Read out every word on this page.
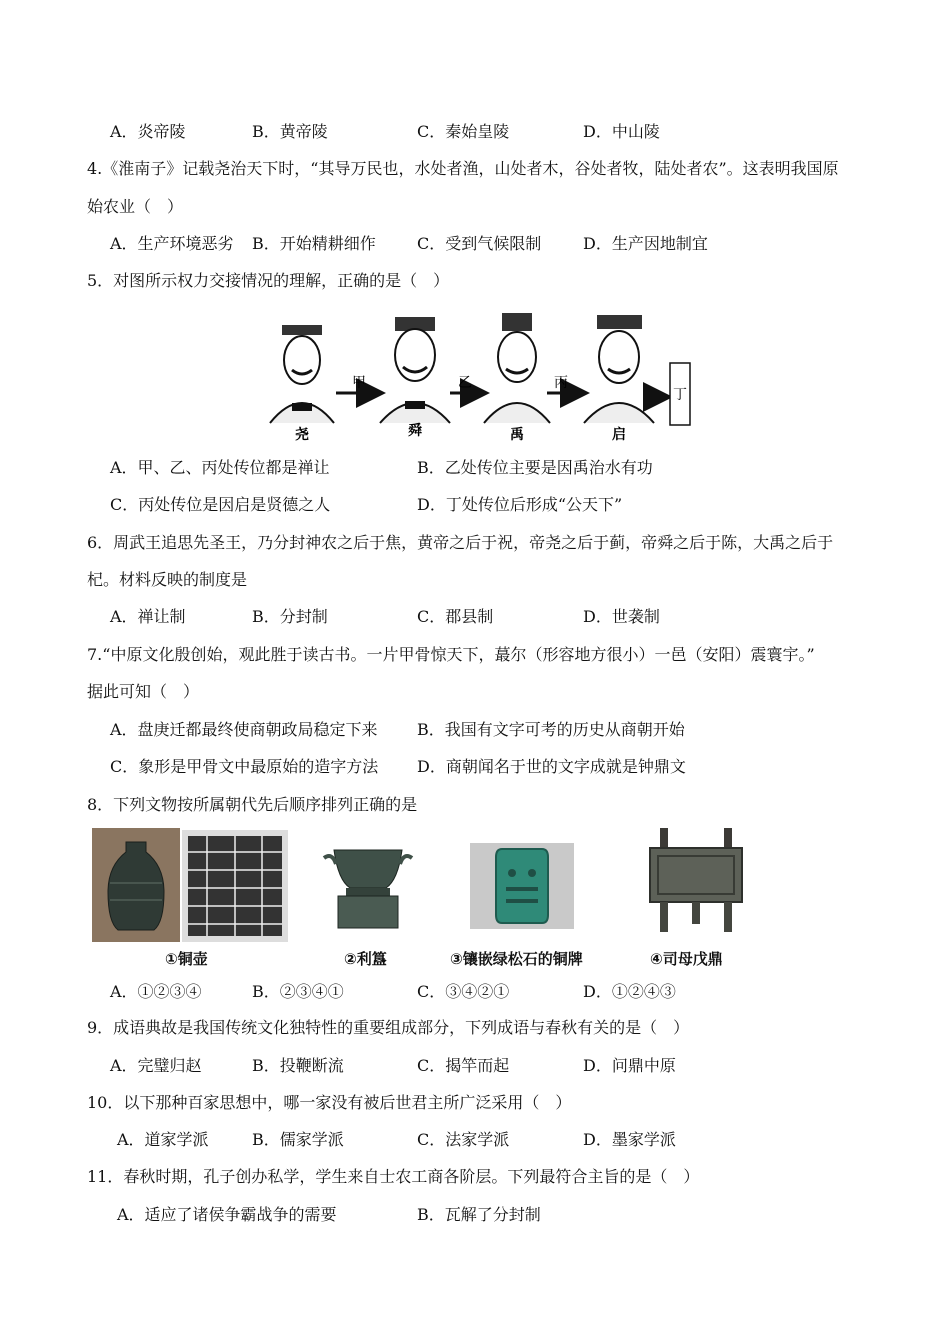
A．炎帝陵	B．黄帝陵	C．秦始皇陵	D．中山陵
4.《淮南子》记载尧治天下时，“其导万民也，水处者渔，山处者木，谷处者牧，陆处者农”。这表明我国原
始农业（　）
A．生产环境恶劣 B．开始精耕细作	C．受到气候限制	D．生产因地制宜
5．对图所示权力交接情况的理解，正确的是（　）
甲	乙	丙
丁
尧	舜	禹	启
A．甲、乙、丙处传位都是禅让	B．乙处传位主要是因禹治水有功
C．丙处传位是因启是贤德之人	D．丁处传位后形成“公天下”
6．周武王追思先圣王，乃分封神农之后于焦，黄帝之后于祝，帝尧之后于蓟，帝舜之后于陈，大禹之后于
杞。材料反映的制度是
A．禅让制	B．分封制	C．郡县制	D．世袭制
7.“中原文化殷创始，观此胜于读古书。一片甲骨惊天下，蕞尔（形容地方很小）一邑（安阳）震寰宇。”
据此可知（　）
A．盘庚迁都最终使商朝政局稳定下来 B．我国有文字可考的历史从商朝开始
C．象形是甲骨文中最原始的造字方法 D．商朝闻名于世的文字成就是钟鼎文
8．下列文物按所属朝代先后顺序排列正确的是
①铜壶	②利簋	③镶嵌绿松石的铜牌	④司母戊鼎
A．①②③④	B．②③④①	C．③④②①	D．①②④③
9．成语典故是我国传统文化独特性的重要组成部分，下列成语与春秋有关的是（　）
A．完璧归赵	B．投鞭断流	C．揭竿而起	D．问鼎中原
10．以下那种百家思想中，哪一家没有被后世君主所广泛采用（　）
A．道家学派	B．儒家学派	C．法家学派	D．墨家学派
11．春秋时期，孔子创办私学，学生来自士农工商各阶层。下列最符合主旨的是（　）
A．适应了诸侯争霸战争的需要	B．瓦解了分封制
